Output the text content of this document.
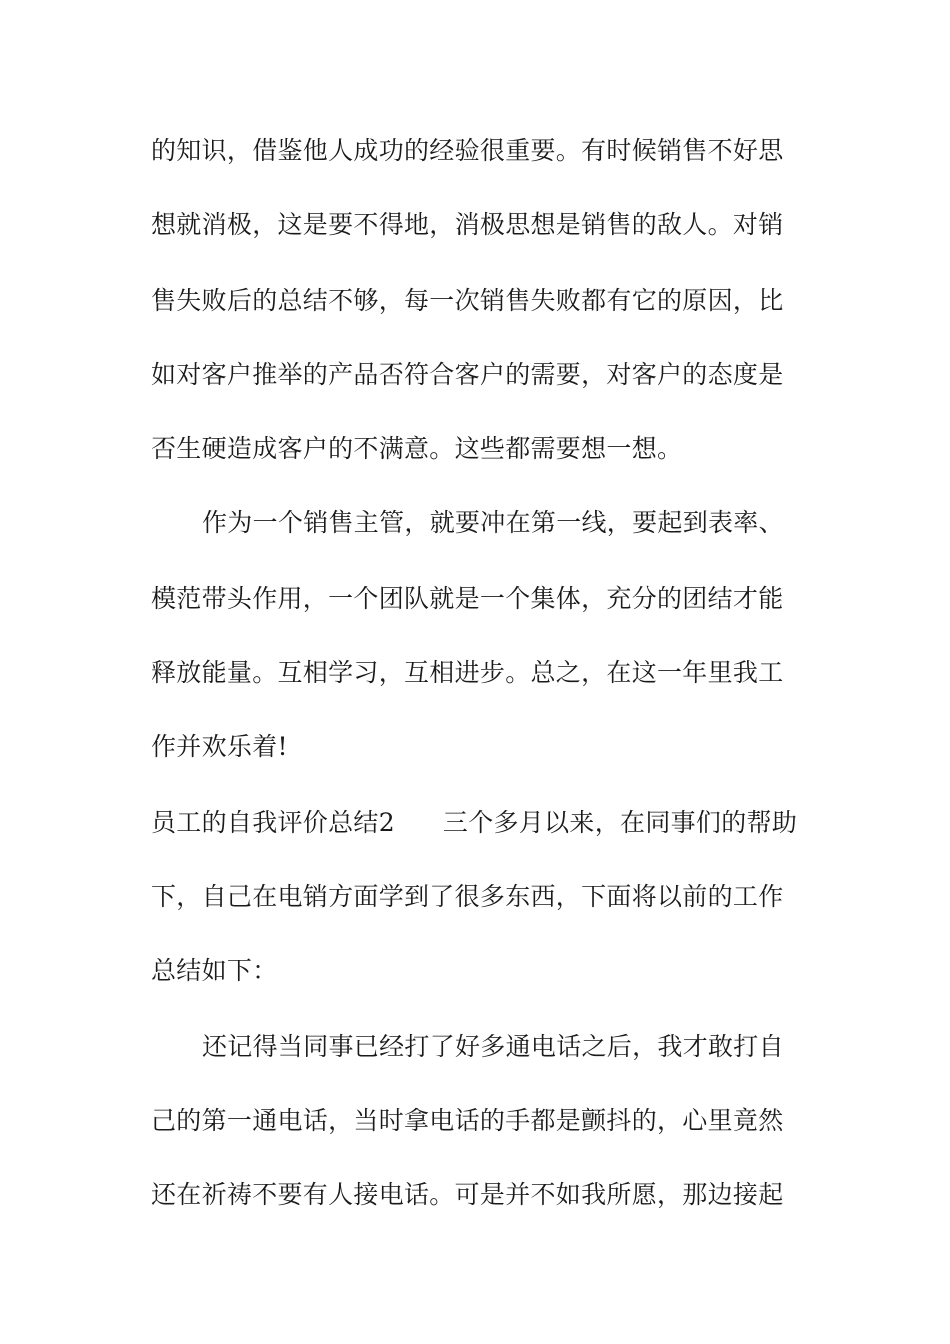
的知识，借鉴他人成功的经验很重要。有时候销售不好思
想就消极，这是要不得地，消极思想是销售的敌人。对销
售失败后的总结不够，每一次销售失败都有它的原因，比
如对客户推举的产品否符合客户的需要，对客户的态度是
否生硬造成客户的不满意。这些都需要想一想。
作为一个销售主管，就要冲在第一线，要起到表率、
模范带头作用，一个团队就是一个集体，充分的团结才能
释放能量。互相学习，互相进步。总之，在这一年里我工
作并欢乐着!
员工的自我评价总结2 三个多月以来，在同事们的帮助
下，自己在电销方面学到了很多东西，下面将以前的工作
总结如下：
还记得当同事已经打了好多通电话之后，我才敢打自
己的第一通电话，当时拿电话的手都是颤抖的，心里竟然
还在祈祷不要有人接电话。可是并不如我所愿，那边接起
